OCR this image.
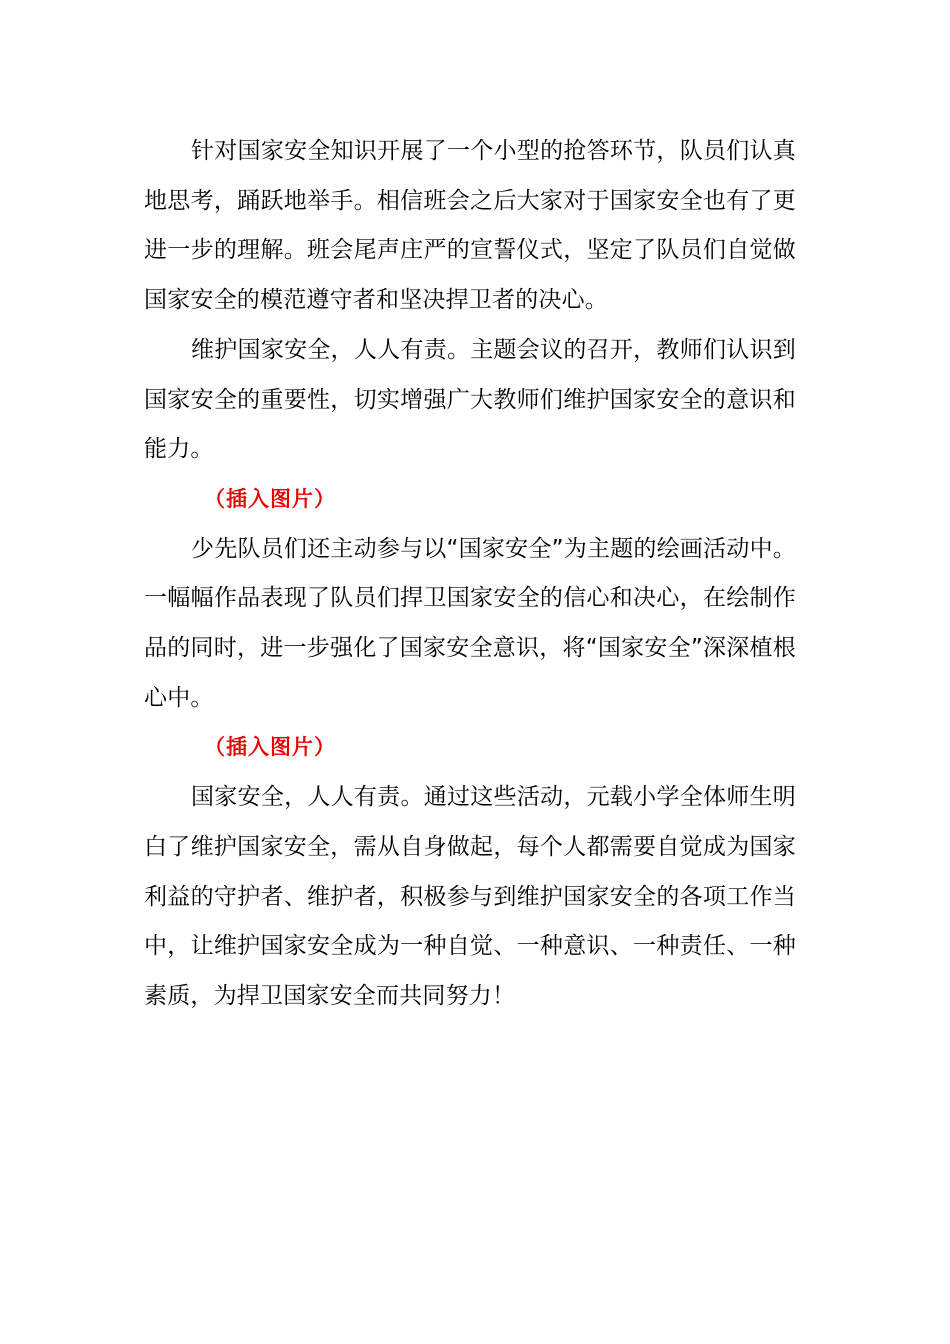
针对国家安全知识开展了一个小型的抢答环节，队员们认真地思考，踊跃地举手。相信班会之后大家对于国家安全也有了更进一步的理解。班会尾声庄严的宣誓仪式，坚定了队员们自觉做国家安全的模范遵守者和坚决捍卫者的决心。

维护国家安全，人人有责。主题会议的召开，教师们认识到国家安全的重要性，切实增强广大教师们维护国家安全的意识和能力。

（插入图片）

少先队员们还主动参与以“国家安全”为主题的绘画活动中。一幅幅作品表现了队员们捍卫国家安全的信心和决心，在绘制作品的同时，进一步强化了国家安全意识，将“国家安全”深深植根心中。

（插入图片）

国家安全，人人有责。通过这些活动，元载小学全体师生明白了维护国家安全，需从自身做起，每个人都需要自觉成为国家利益的守护者、维护者，积极参与到维护国家安全的各项工作当中，让维护国家安全成为一种自觉、一种意识、一种责任、一种素质，为捍卫国家安全而共同努力！
